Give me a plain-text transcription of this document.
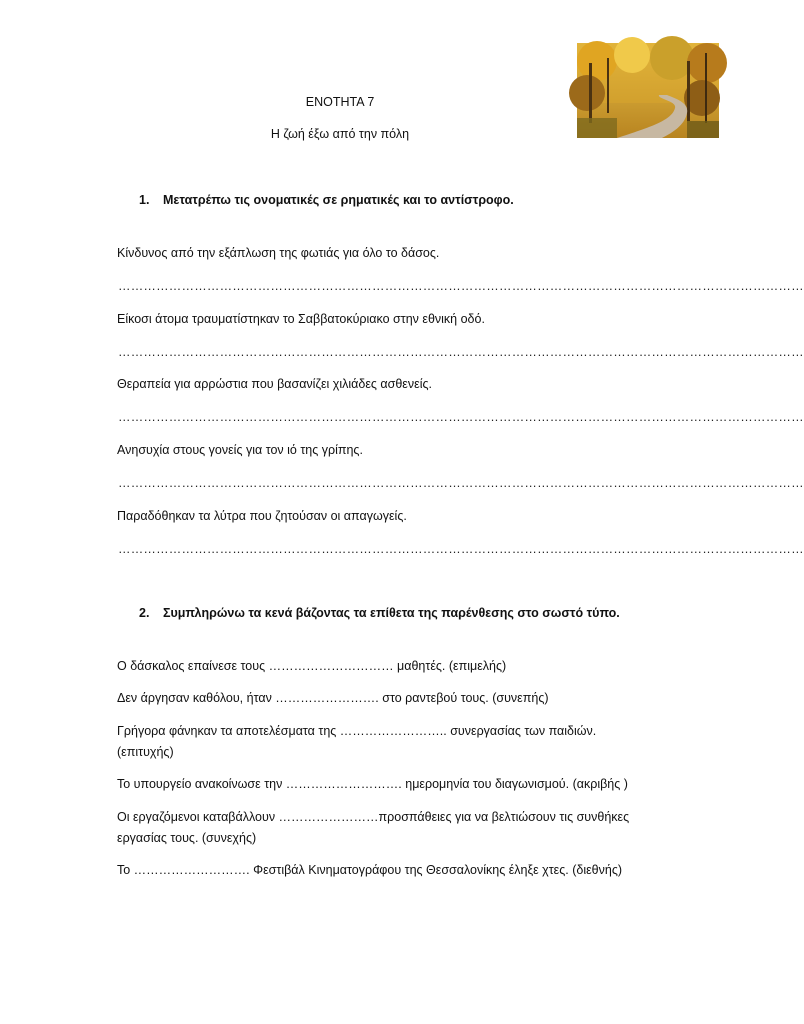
ΕΝΟΤΗΤΑ 7
Η ζωή έξω από την πόλη
1. Μετατρέπω τις ονοματικές σε ρηματικές και το αντίστροφο.
Κίνδυνος από την εξάπλωση της φωτιάς για όλο το δάσος.
………………………………………………………………………………………………………………………………………………
Είκοσι άτομα τραυματίστηκαν το Σαββατοκύριακο στην εθνική οδό.
………………………………………………………………………………………………………………………………………………
Θεραπεία για αρρώστια που βασανίζει χιλιάδες ασθενείς.
………………………………………………………………………………………………………………………………………………
Ανησυχία στους γονείς για τον ιό της γρίπης.
………………………………………………………………………………………………………………………………………………
Παραδόθηκαν τα λύτρα που ζητούσαν οι απαγωγείς.
………………………………………………………………………………………………………………………………………………
2. Συμπληρώνω τα κενά βάζοντας τα επίθετα της παρένθεσης στο σωστό τύπο.
Ο δάσκαλος επαίνεσε τους ………………………… μαθητές. (επιμελής)
Δεν άργησαν καθόλου, ήταν ……………………. στο ραντεβού τους. (συνεπής)
Γρήγορα φάνηκαν τα αποτελέσματα της …………………….. συνεργασίας των παιδιών. (επιτυχής)
Το υπουργείο ανακοίνωσε την ………………………. ημερομηνία του διαγωνισμού. (ακριβής )
Οι εργαζόμενοι καταβάλλουν ……………………προσπάθειες για να βελτιώσουν τις συνθήκες εργασίας τους. (συνεχής)
Το ………………………. Φεστιβάλ Κινηματογράφου της Θεσσαλονίκης έληξε χτες. (διεθνής)
